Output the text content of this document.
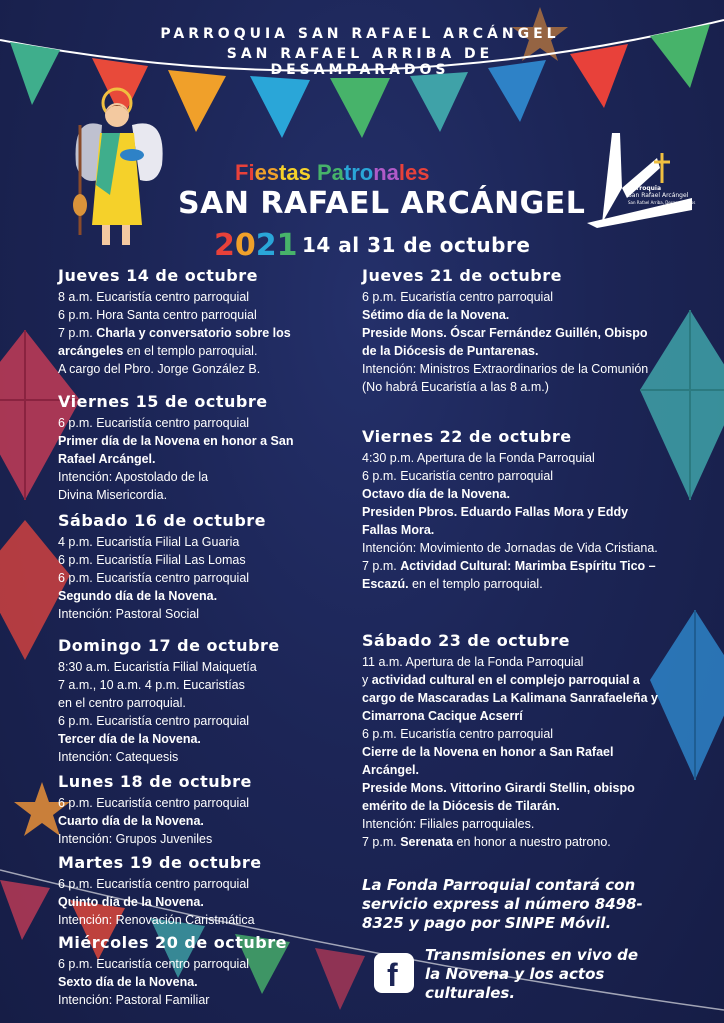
PARROQUIA SAN RAFAEL ARCÁNGEL
SAN RAFAEL ARRIBA DE DESAMPARADOS
Parroquia
San Rafael Arcángel
San Rafael Arriba, Desamparados
Fiestas Patronales
SAN RAFAEL ARCÁNGEL
2021 14 al 31 de octubre
Jueves 14 de octubre

8 a.m. Eucaristía centro parroquial

6 p.m. Hora Santa centro parroquial

7 p.m. Charla y conversatorio sobre los arcángeles en el templo parroquial.

A cargo del Pbro. Jorge González B.

Viernes 15 de octubre

6 p.m. Eucaristía centro parroquial

Primer día de la Novena en honor a San Rafael Arcángel.

Intención: Apostolado de la

Divina Misericordia.

Sábado 16 de octubre

4 p.m. Eucaristía Filial La Guaria

6 p.m. Eucaristía Filial Las Lomas

6 p.m. Eucaristía centro parroquial

Segundo día de la Novena.

Intención: Pastoral Social

Domingo 17 de octubre

8:30 a.m. Eucaristía Filial Maiquetía

7 a.m., 10 a.m. 4 p.m. Eucaristías

en el centro parroquial.

6 p.m. Eucaristía centro parroquial

Tercer día de la Novena.

Intención: Catequesis

Lunes 18 de octubre

6 p.m. Eucaristía centro parroquial

Cuarto día de la Novena.

Intención: Grupos Juveniles

Martes 19 de octubre

6 p.m. Eucaristía centro parroquial

Quinto día de la Novena.

Intención: Renovación Caristmática

Miércoles 20 de octubre

6 p.m. Eucaristía centro parroquial

Sexto día de la Novena.

Intención: Pastoral Familiar

Jueves 21 de octubre

6 p.m. Eucaristía centro parroquial

Sétimo día de la Novena.

Preside Mons. Óscar Fernández Guillén, Obispo de la Diócesis de Puntarenas.

Intención: Ministros Extraordinarios de la Comunión

(No habrá Eucaristía a las 8 a.m.)

Viernes 22 de octubre

4:30 p.m. Apertura de la Fonda Parroquial

6 p.m. Eucaristía centro parroquial

Octavo día de la Novena.

Presiden Pbros. Eduardo Fallas Mora y Eddy Fallas Mora.

Intención: Movimiento de Jornadas de Vida Cristiana.

7 p.m. Actividad Cultural: Marimba Espíritu Tico – Escazú. en el templo parroquial.

Sábado 23 de octubre

11 a.m. Apertura de la Fonda Parroquial

y actividad cultural en el complejo parroquial a cargo de Mascaradas La Kalimana Sanrafaeleña y Cimarrona Cacique Acserrí

6 p.m. Eucaristía centro parroquial

Cierre de la Novena en honor a San Rafael Arcángel.

Preside Mons. Vittorino Girardi Stellin, obispo emérito de la Diócesis de Tilarán.

Intención: Filiales parroquiales.

7 p.m. Serenata en honor a nuestro patrono.

La Fonda Parroquial contará con servicio express al número 8498-8325 y pago por SINPE Móvil.
f
Transmisiones en vivo de la Novena y los actos culturales.
